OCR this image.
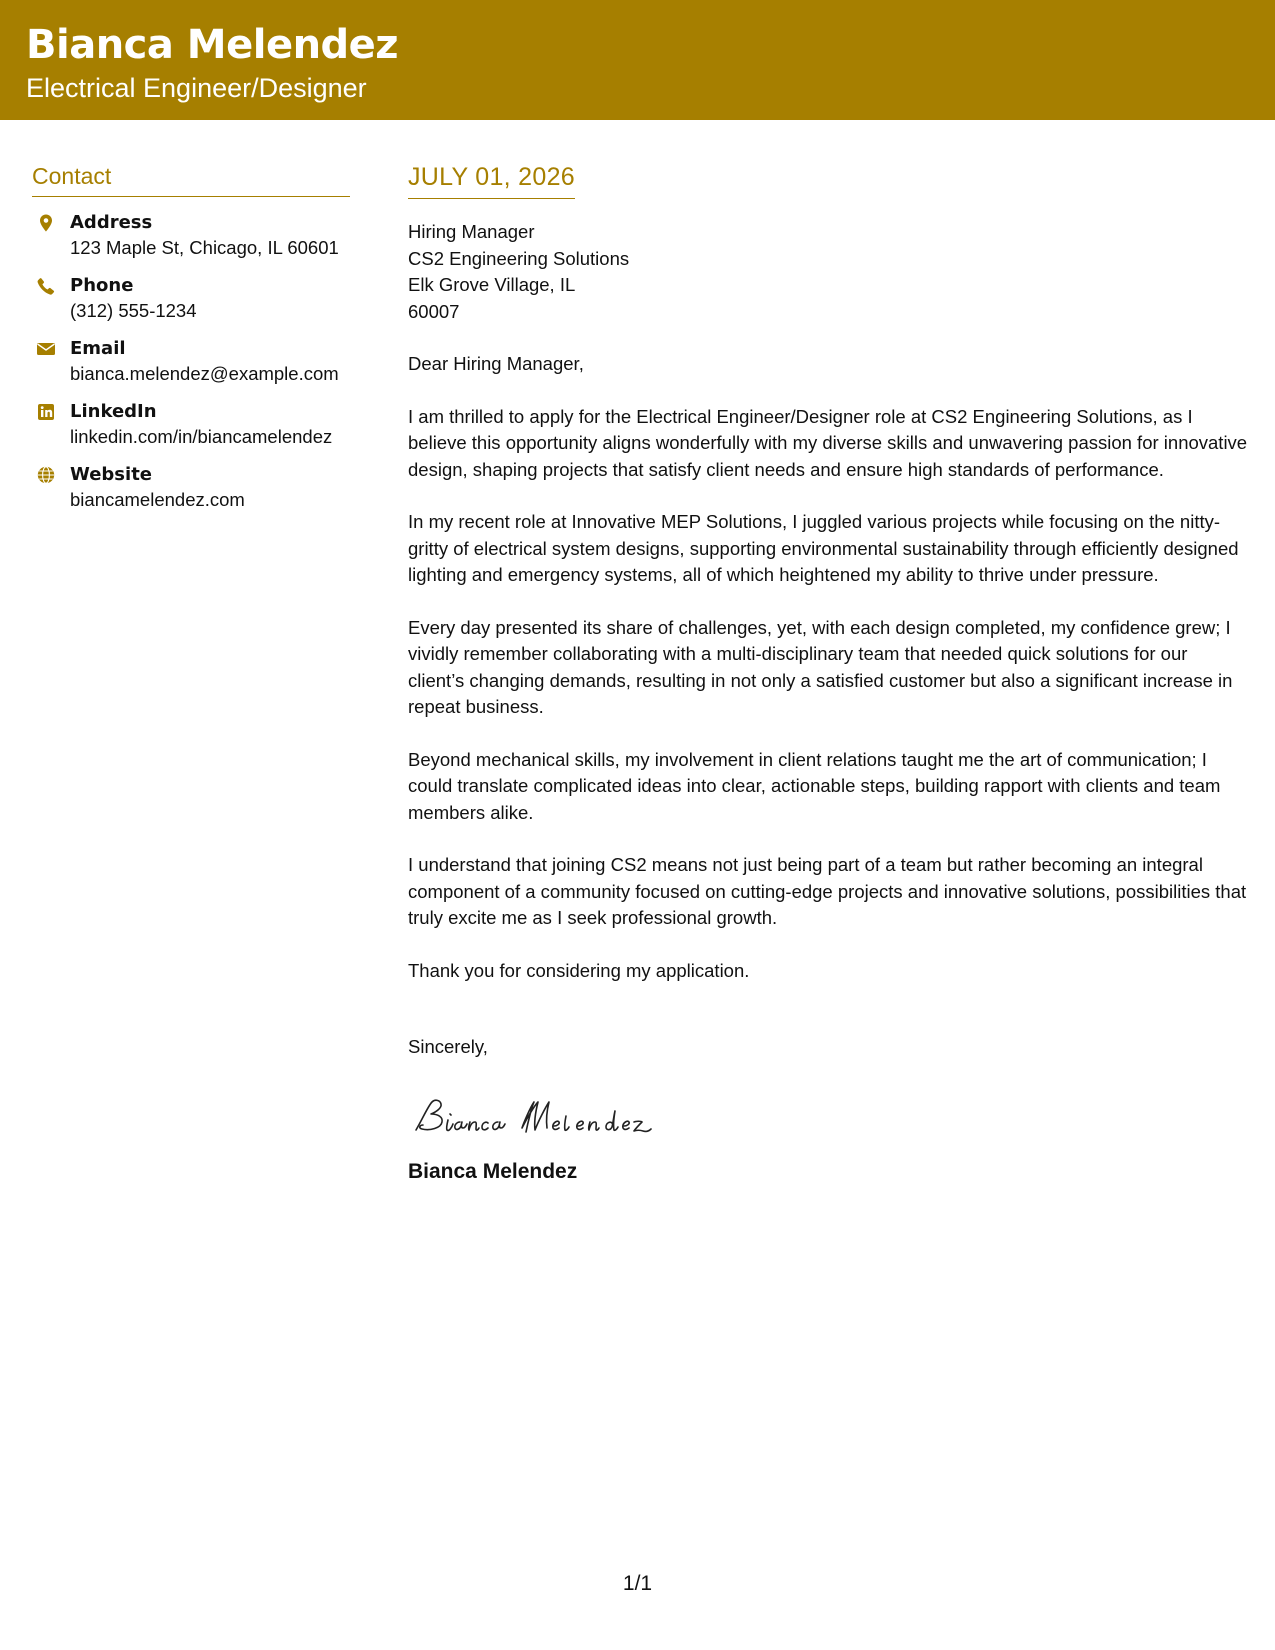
Bianca Melendez
Electrical Engineer/Designer
Contact
Address
123 Maple St, Chicago, IL 60601
Phone
(312) 555-1234
Email
bianca.melendez@example.com
LinkedIn
linkedin.com/in/biancamelendez
Website
biancamelendez.com
JULY 01, 2026
Hiring Manager
CS2 Engineering Solutions
Elk Grove Village, IL
60007

Dear Hiring Manager,

I am thrilled to apply for the Electrical Engineer/Designer role at CS2 Engineering Solutions, as I believe this opportunity aligns wonderfully with my diverse skills and unwavering passion for innovative design, shaping projects that satisfy client needs and ensure high standards of performance.

In my recent role at Innovative MEP Solutions, I juggled various projects while focusing on the nitty-gritty of electrical system designs, supporting environmental sustainability through efficiently designed lighting and emergency systems, all of which heightened my ability to thrive under pressure.

Every day presented its share of challenges, yet, with each design completed, my confidence grew; I vividly remember collaborating with a multi-disciplinary team that needed quick solutions for our client’s changing demands, resulting in not only a satisfied customer but also a significant increase in repeat business.

Beyond mechanical skills, my involvement in client relations taught me the art of communication; I could translate complicated ideas into clear, actionable steps, building rapport with clients and team members alike.

I understand that joining CS2 means not just being part of a team but rather becoming an integral component of a community focused on cutting-edge projects and innovative solutions, possibilities that truly excite me as I seek professional growth.

Thank you for considering my application.

Sincerely,
Bianca Melendez
1/1
